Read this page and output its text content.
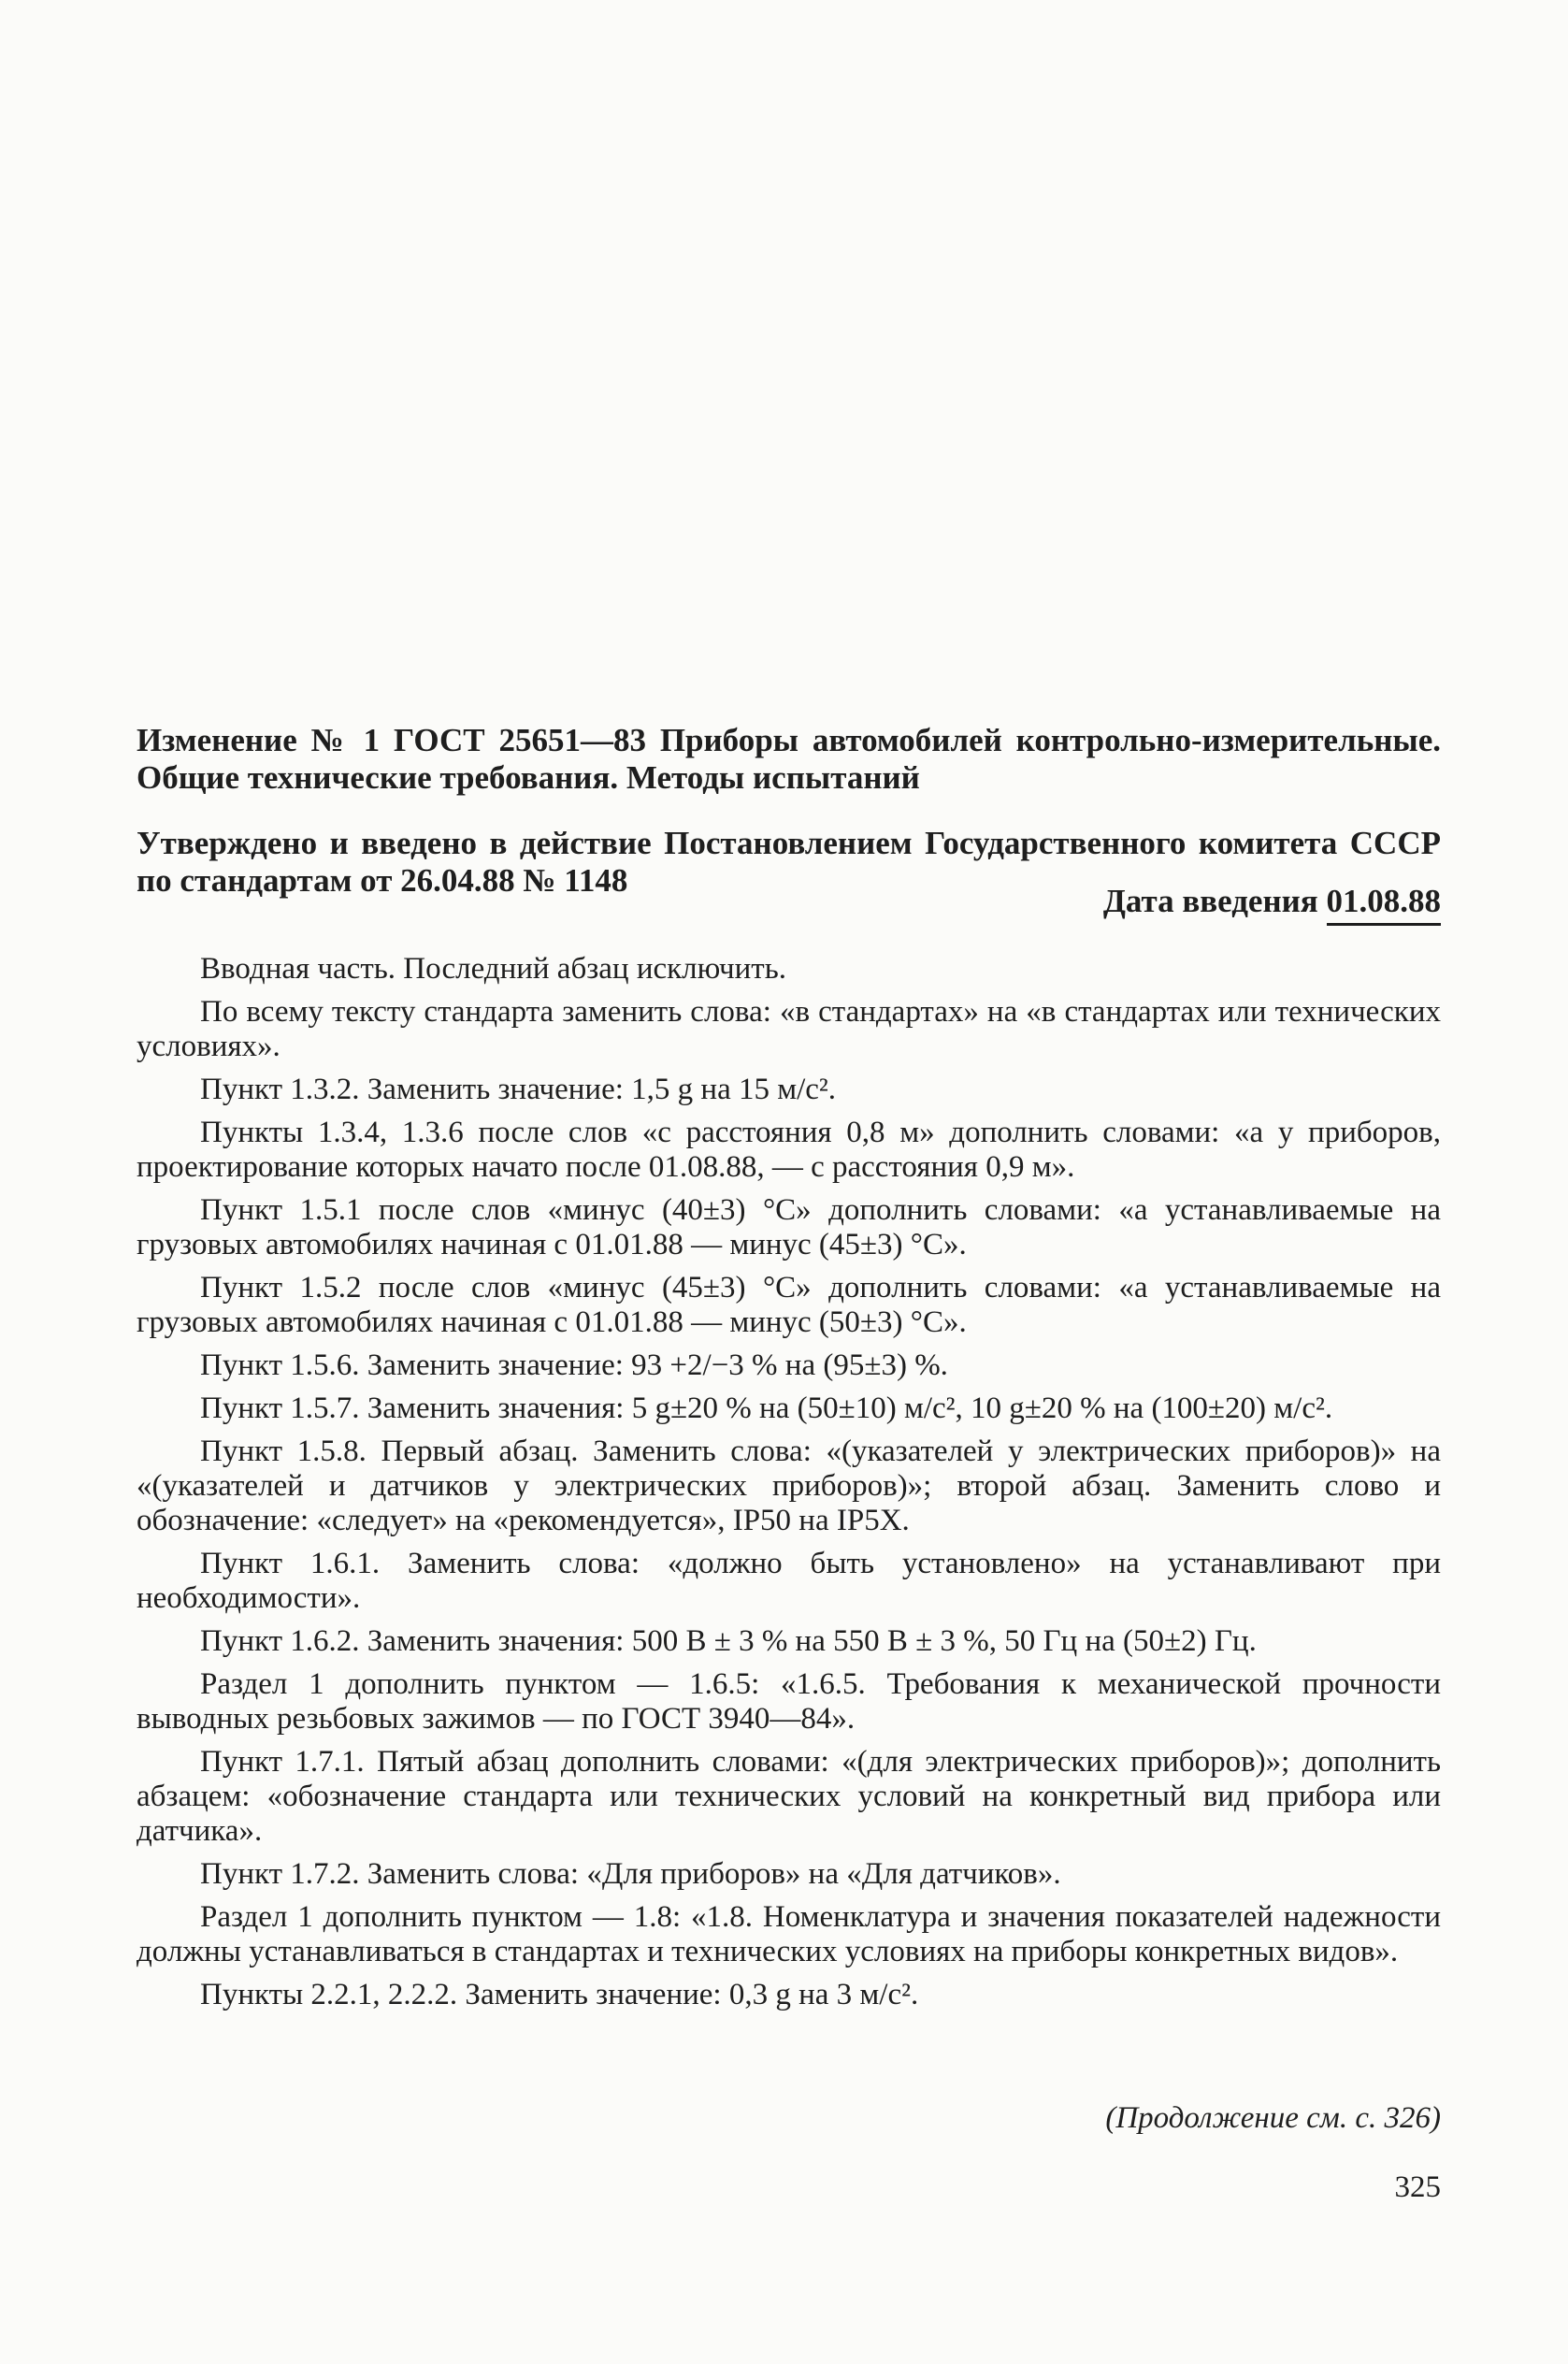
Изменение № 1 ГОСТ 25651—83 Приборы автомобилей контрольно-измерительные. Общие технические требования. Методы испытаний

Утверждено и введено в действие Постановлением Государственного комитета СССР по стандартам от 26.04.88 № 1148

Дата введения 01.08.88

Вводная часть. Последний абзац исключить.

По всему тексту стандарта заменить слова: «в стандартах» на «в стандартах или технических условиях».

Пункт 1.3.2. Заменить значение: 1,5 g на 15 м/с².

Пункты 1.3.4, 1.3.6 после слов «с расстояния 0,8 м» дополнить словами: «а у приборов, проектирование которых начато после 01.08.88, — с расстояния 0,9 м».

Пункт 1.5.1 после слов «минус (40±3) °С» дополнить словами: «а устанавливаемые на грузовых автомобилях начиная с 01.01.88 — минус (45±3) °С».

Пункт 1.5.2 после слов «минус (45±3) °С» дополнить словами: «а устанавливаемые на грузовых автомобилях начиная с 01.01.88 — минус (50±3) °С».

Пункт 1.5.6. Заменить значение: 93 +2/−3 % на (95±3) %.

Пункт 1.5.7. Заменить значения: 5 g±20 % на (50±10) м/с², 10 g±20 % на (100±20) м/с².

Пункт 1.5.8. Первый абзац. Заменить слова: «(указателей у электрических приборов)» на «(указателей и датчиков у электрических приборов)»; второй абзац. Заменить слово и обозначение: «следует» на «рекомендуется», IP50 на IP5X.

Пункт 1.6.1. Заменить слова: «должно быть установлено» на устанавливают при необходимости».

Пункт 1.6.2. Заменить значения: 500 В ± 3 % на 550 В ± 3 %, 50 Гц на (50±2) Гц.

Раздел 1 дополнить пунктом — 1.6.5: «1.6.5. Требования к механической прочности выводных резьбовых зажимов — по ГОСТ 3940—84».

Пункт 1.7.1. Пятый абзац дополнить словами: «(для электрических приборов)»; дополнить абзацем: «обозначение стандарта или технических условий на конкретный вид прибора или датчика».

Пункт 1.7.2. Заменить слова: «Для приборов» на «Для датчиков».

Раздел 1 дополнить пунктом — 1.8: «1.8. Номенклатура и значения показателей надежности должны устанавливаться в стандартах и технических условиях на приборы конкретных видов».

Пункты 2.2.1, 2.2.2. Заменить значение: 0,3 g на 3 м/с².

(Продолжение см. с. 326)
325
